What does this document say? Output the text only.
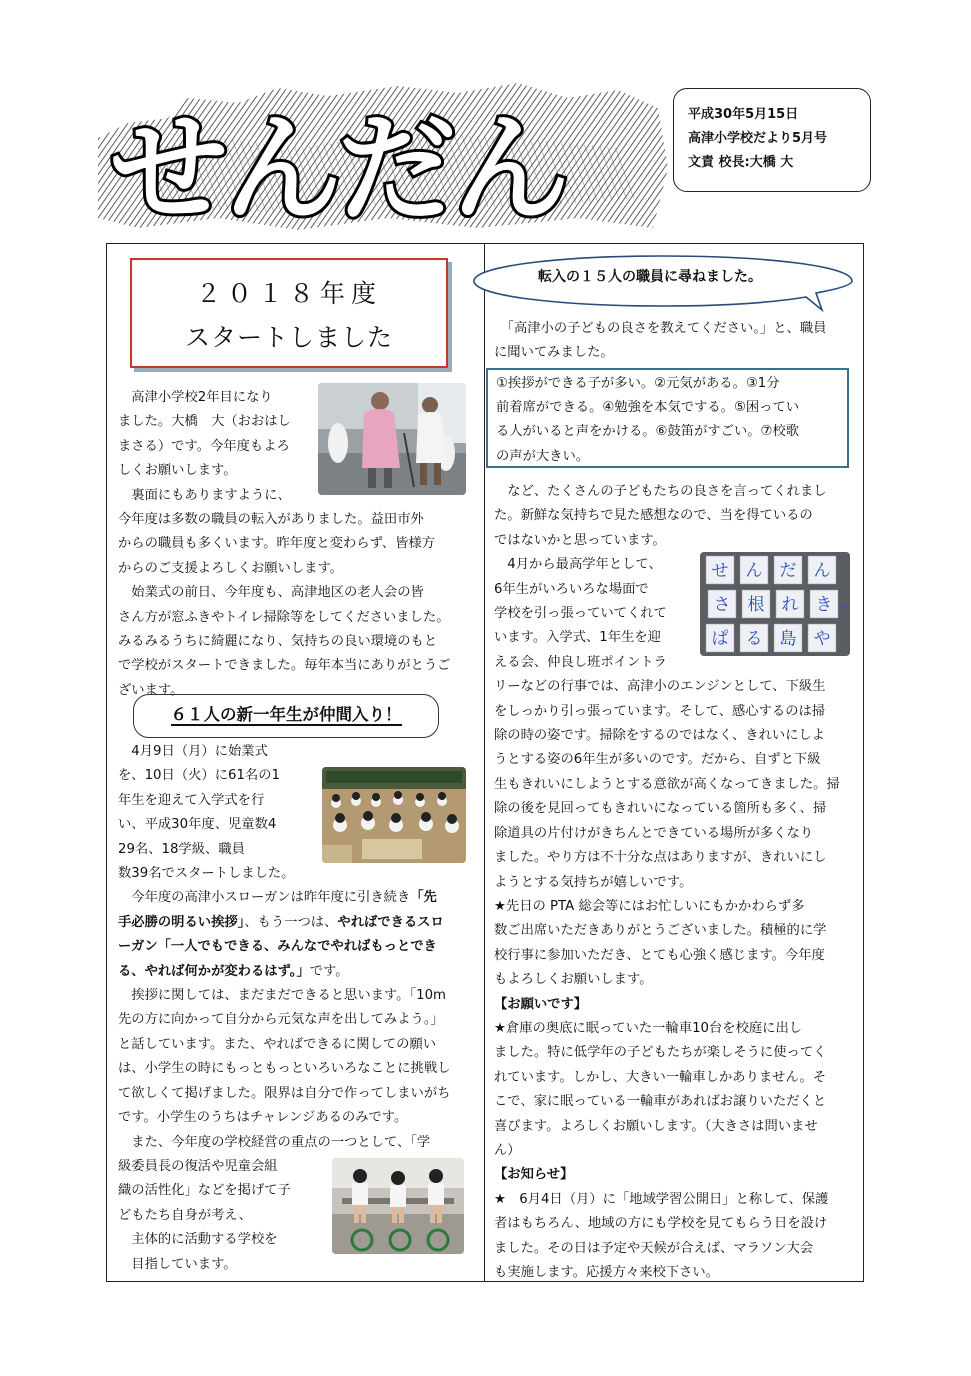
せんだん	平成30年5月15日
高津小学校だより5月号
文責 校長:大橋 大
２０１８年度
スタートしました
　高津小学校2年目になり
ました。大橋　大（おおはし
まさる）です。今年度もよろ
しくお願いします。
　裏面にもありますように、
今年度は多数の職員の転入がありました。益田市外
からの職員も多くいます。昨年度と変わらず、皆様方
からのご支援よろしくお願いします。
　始業式の前日、今年度も、高津地区の老人会の皆
さん方が窓ふきやトイレ掃除等をしてくださいました。
みるみるうちに綺麗になり、気持ちの良い環境のもと
で学校がスタートできました。毎年本当にありがとうご
ざいます。
６１人の新一年生が仲間入り！
　4月9日（月）に始業式
を、10日（火）に61名の1
年生を迎えて入学式を行
い、平成30年度、児童数4
29名、18学級、職員
数39名でスタートしました。
　今年度の高津小スローガンは昨年度に引き続き「先
手必勝の明るい挨拶」、もう一つは、やればできるスロ
ーガン「一人でもできる、みんなでやればもっとでき
る、やれば何かが変わるはず。」です。
　挨拶に関しては、まだまだできると思います。「10m
先の方に向かって自分から元気な声を出してみよう。」
と話しています。また、やればできるに関しての願い
は、小学生の時にもっともっといろいろなことに挑戦し
て欲しくて掲げました。限界は自分で作ってしまいがち
です。小学生のうちはチャレンジあるのみです。
　また、今年度の学校経営の重点の一つとして、「学
級委員長の復活や児童会組
織の活性化」などを掲げて子
どもたち自身が考え、
　主体的に活動する学校を
　目指しています。
転入の１５人の職員に尋ねました。
　「高津小の子どもの良さを教えてください。」と、職員
に聞いてみました。
①挨拶ができる子が多い。②元気がある。③1分
前着席ができる。④勉強を本気でする。⑤困ってい
る人がいると声をかける。⑥鼓笛がすごい。⑦校歌
の声が大きい。
せ ん だ ん
さ 根 れ き
ぱ る 島 や
で
　など、たくさんの子どもたちの良さを言ってくれまし
た。新鮮な気持ちで見た感想なので、当を得ているの
ではないかと思っています。
　4月から最高学年として、
6年生がいろいろな場面で
学校を引っ張っていてくれて
います。入学式、1年生を迎
える会、仲良し班ポイントラ
リーなどの行事では、高津小のエンジンとして、下級生
をしっかり引っ張っています。そして、感心するのは掃
除の時の姿です。掃除をするのではなく、きれいにしよ
うとする姿の6年生が多いのです。だから、自ずと下級
生もきれいにしようとする意欲が高くなってきました。掃
除の後を見回ってもきれいになっている箇所も多く、掃
除道具の片付けがきちんとできている場所が多くなり
ました。やり方は不十分な点はありますが、きれいにし
ようとする気持ちが嬉しいです。
★先日の PTA 総会等にはお忙しいにもかかわらず多
数ご出席いただきありがとうございました。積極的に学
校行事に参加いただき、とても心強く感じます。今年度
もよろしくお願いします。
【お願いです】
★倉庫の奥底に眠っていた一輪車10台を校庭に出し
ました。特に低学年の子どもたちが楽しそうに使ってく
れています。しかし、大きい一輪車しかありません。そ
こで、家に眠っている一輪車があればお譲りいただくと
喜びます。よろしくお願いします。（大きさは問いませ
ん）
【お知らせ】
★　6月4日（月）に「地域学習公開日」と称して、保護
者はもちろん、地域の方にも学校を見てもらう日を設け
ました。その日は予定や天候が合えば、マラソン大会
も実施します。応援方々来校下さい。
